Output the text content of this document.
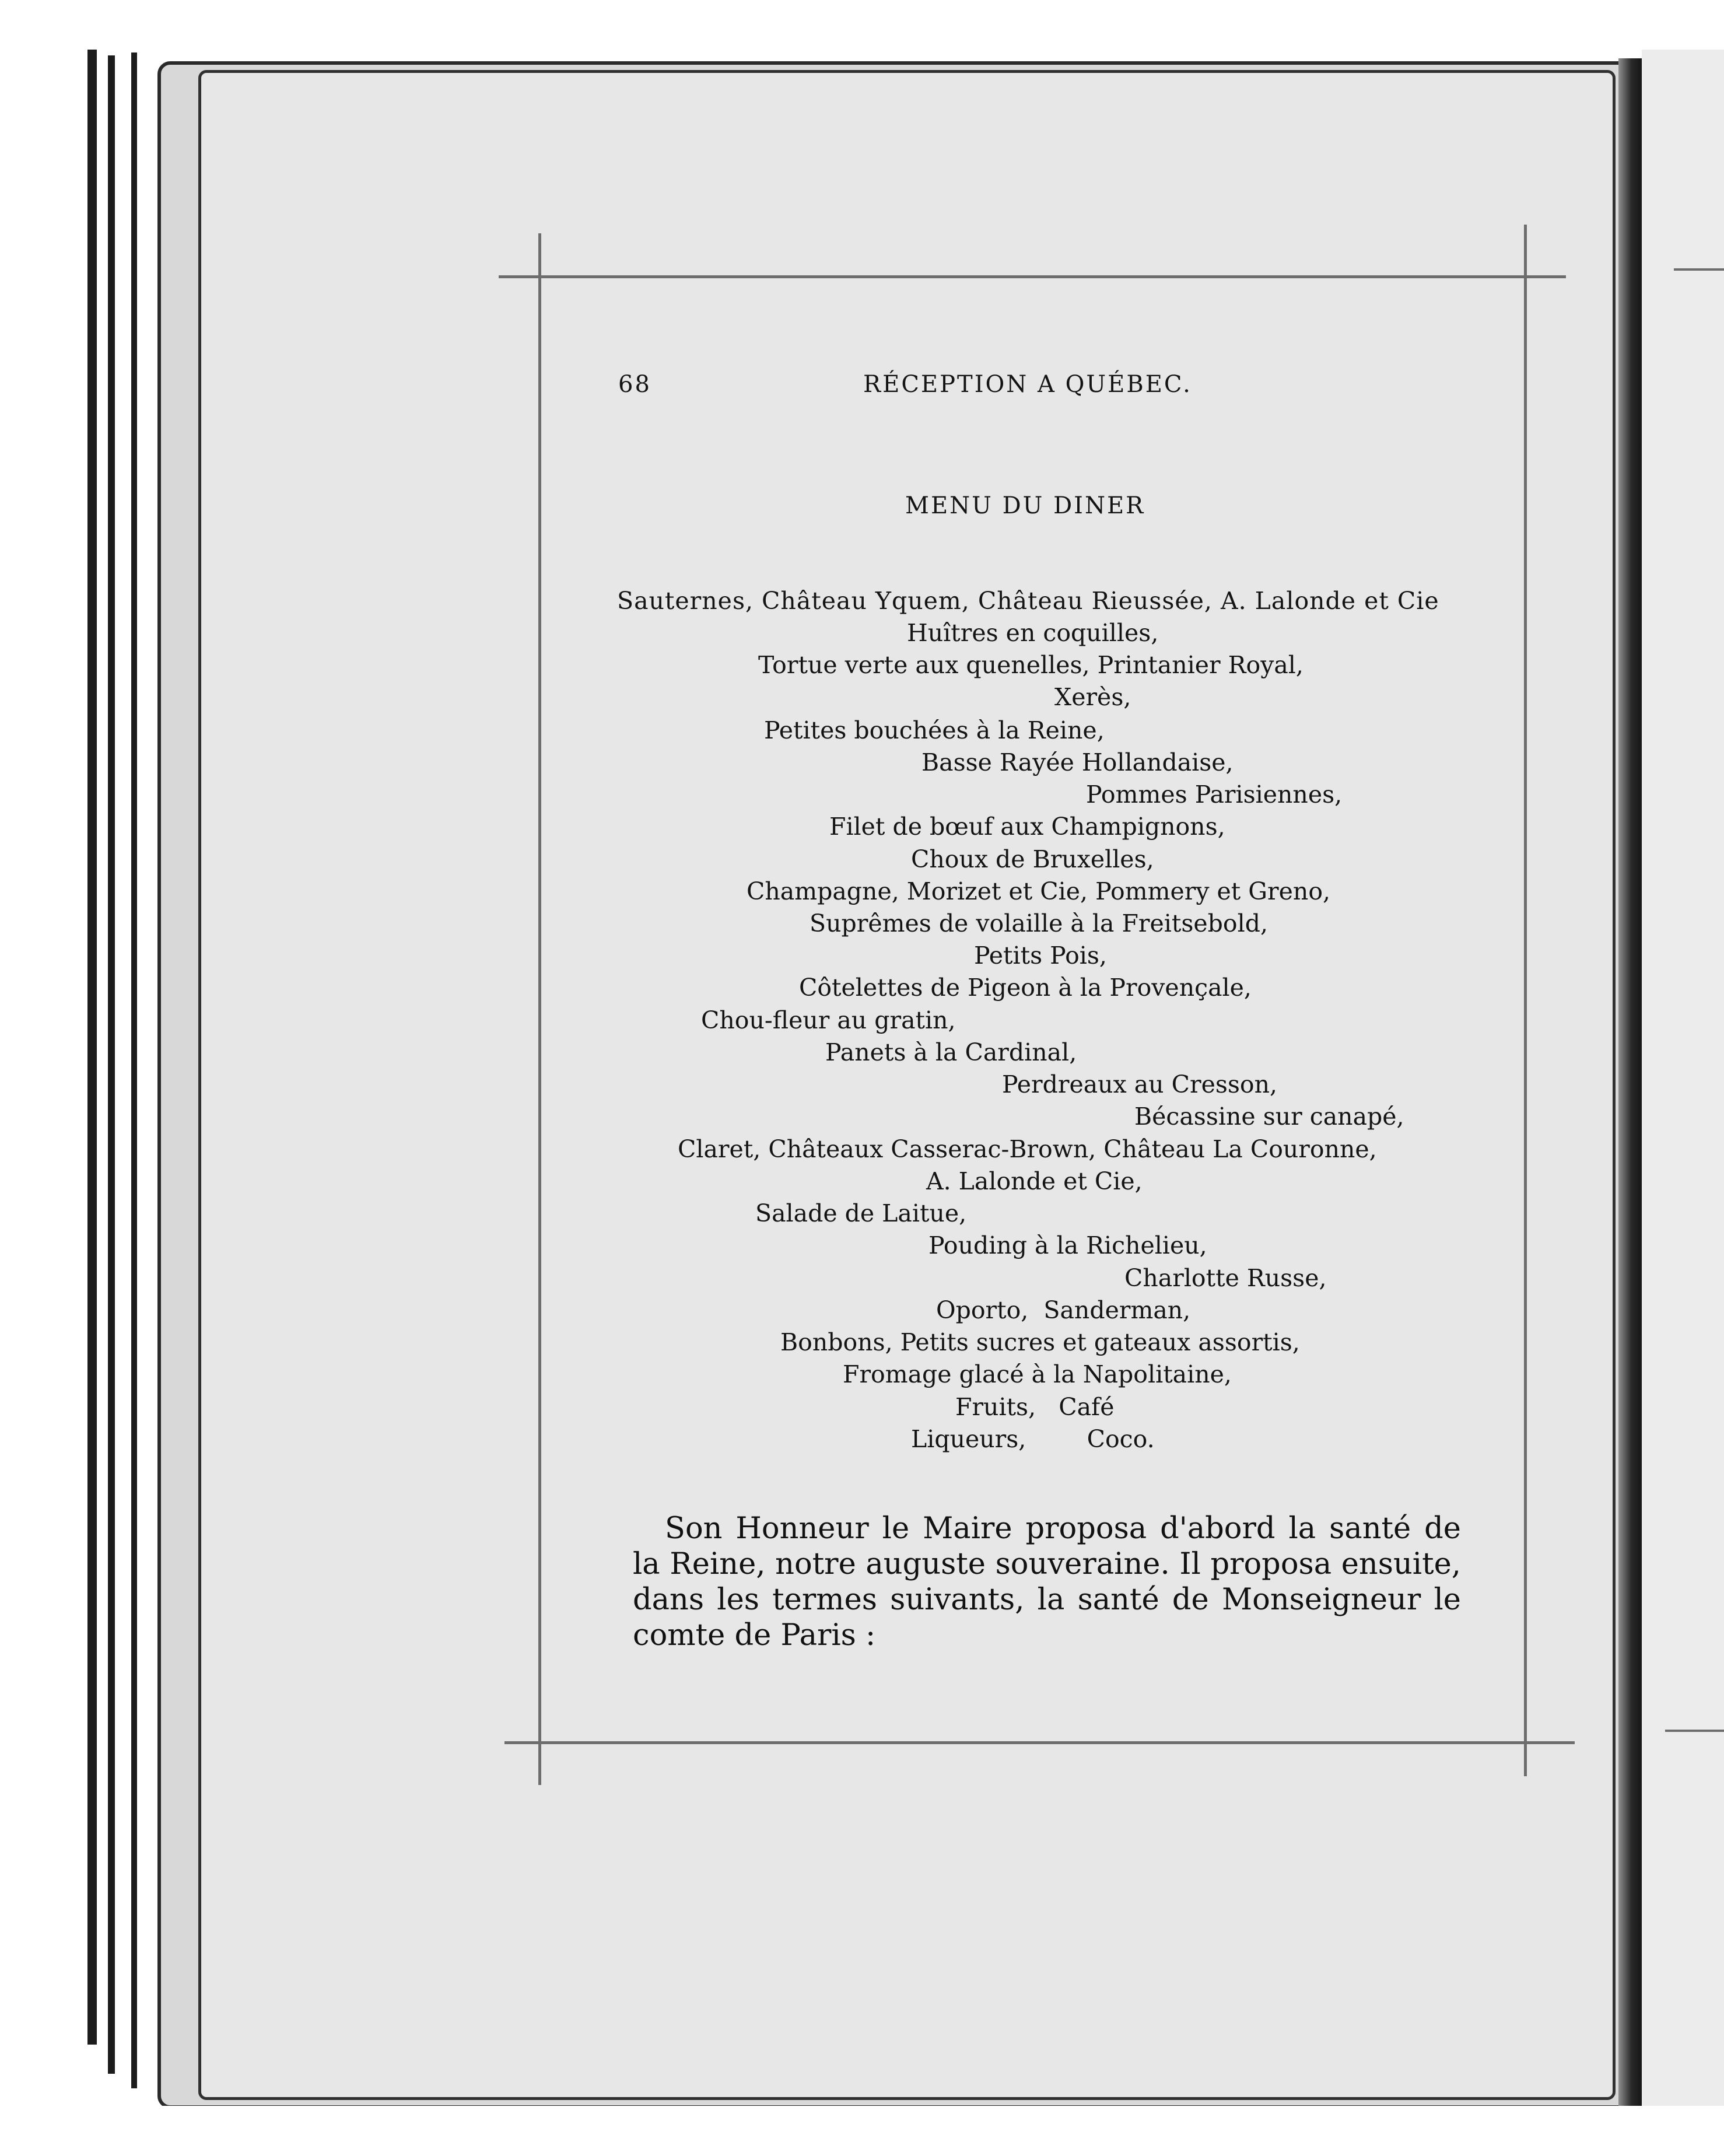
68	RÉCEPTION A QUÉBEC.
MENU DU DINER
Sauternes, Château Yquem, Château Rieussée, A. Lalonde et Cie
Huîtres en coquilles,
Tortue verte aux quenelles, Printanier Royal,
Xerès,
Petites bouchées à la Reine,
Basse Rayée Hollandaise,
Pommes Parisiennes,
Filet de bœuf aux Champignons,
Choux de Bruxelles,
Champagne, Morizet et Cie, Pommery et Greno,
Suprêmes de volaille à la Freitsebold,
Petits Pois,
Côtelettes de Pigeon à la Provençale,
Chou-fleur au gratin,
Panets à la Cardinal,
Perdreaux au Cresson,
Bécassine sur canapé,
Claret, Châteaux Casserac-Brown, Château La Couronne,
A. Lalonde et Cie,
Salade de Laitue,
Pouding à la Richelieu,
Charlotte Russe,
Oporto,  Sanderman,
Bonbons, Petits sucres et gateaux assortis,
Fromage glacé à la Napolitaine,
Fruits,   Café
Liqueurs,        Coco.
Son Honneur le Maire proposa d'abord la santé de la Reine, notre auguste souveraine. Il proposa ensuite, dans les termes suivants, la santé de Monseigneur le comte de Paris :
